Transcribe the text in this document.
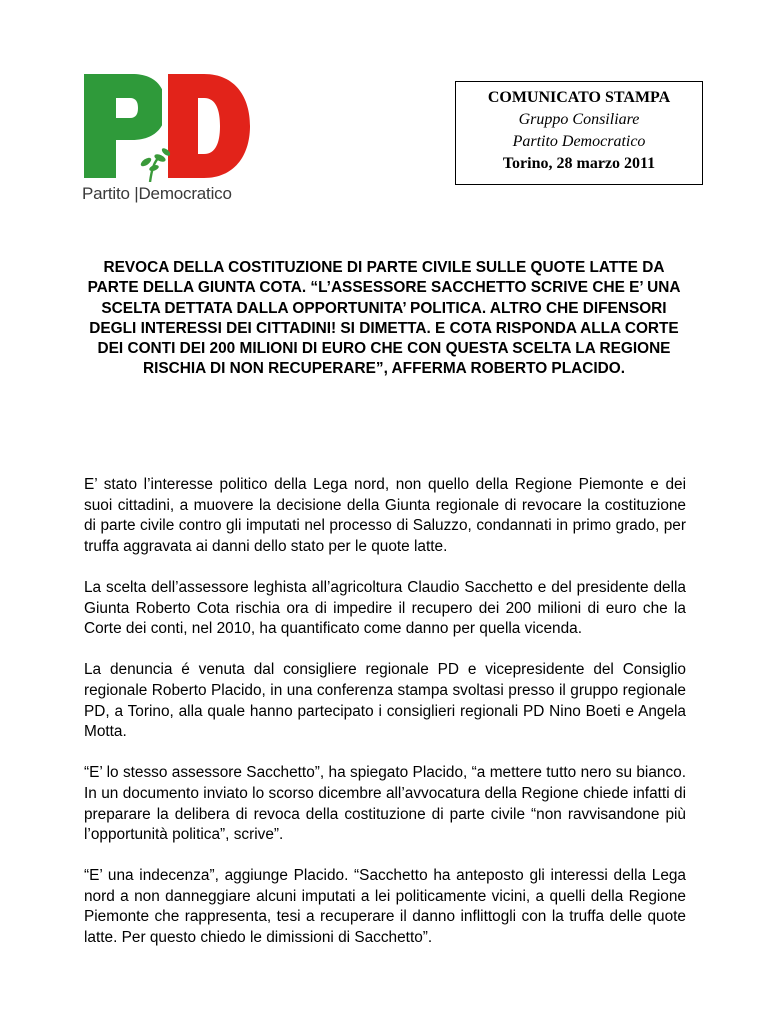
Partito |Democratico
COMUNICATO STAMPA
Gruppo Consiliare
Partito Democratico
Torino, 28 marzo 2011
REVOCA DELLA COSTITUZIONE DI PARTE CIVILE SULLE QUOTE LATTE DA PARTE DELLA GIUNTA COTA. “L’ASSESSORE SACCHETTO SCRIVE CHE E’ UNA SCELTA DETTATA DALLA OPPORTUNITA’ POLITICA. ALTRO CHE DIFENSORI DEGLI INTERESSI DEI CITTADINI! SI DIMETTA. E COTA RISPONDA ALLA CORTE DEI CONTI DEI 200 MILIONI DI EURO CHE CON QUESTA SCELTA LA REGIONE RISCHIA DI NON RECUPERARE”, AFFERMA ROBERTO PLACIDO.

E’ stato l’interesse politico della Lega nord, non quello della Regione Piemonte e dei suoi cittadini, a muovere la decisione della Giunta regionale di revocare la costituzione di parte civile contro gli imputati nel processo di Saluzzo, condannati in primo grado, per truffa aggravata ai danni dello stato per le quote latte.

La scelta dell’assessore leghista all’agricoltura Claudio Sacchetto e del presidente della Giunta Roberto Cota rischia ora di impedire il recupero dei 200 milioni di euro che la Corte dei conti, nel 2010, ha quantificato come danno per quella vicenda.

La denuncia é venuta dal consigliere regionale PD e vicepresidente del Consiglio regionale Roberto Placido, in una conferenza stampa svoltasi presso il gruppo regionale PD, a Torino, alla quale hanno partecipato i consiglieri regionali PD Nino Boeti e Angela Motta.

“E’ lo stesso assessore Sacchetto”, ha spiegato Placido, “a mettere tutto nero su bianco. In un documento inviato lo scorso dicembre all’avvocatura della Regione chiede infatti di preparare la delibera di revoca della costituzione di parte civile “non ravvisandone più l’opportunità politica”, scrive”.

“E’ una indecenza”, aggiunge Placido. “Sacchetto ha anteposto gli interessi della Lega nord a non danneggiare alcuni imputati a lei politicamente vicini, a quelli della Regione Piemonte che rappresenta, tesi a recuperare il danno inflittogli con la truffa delle quote latte. Per questo chiedo le dimissioni di Sacchetto”.
